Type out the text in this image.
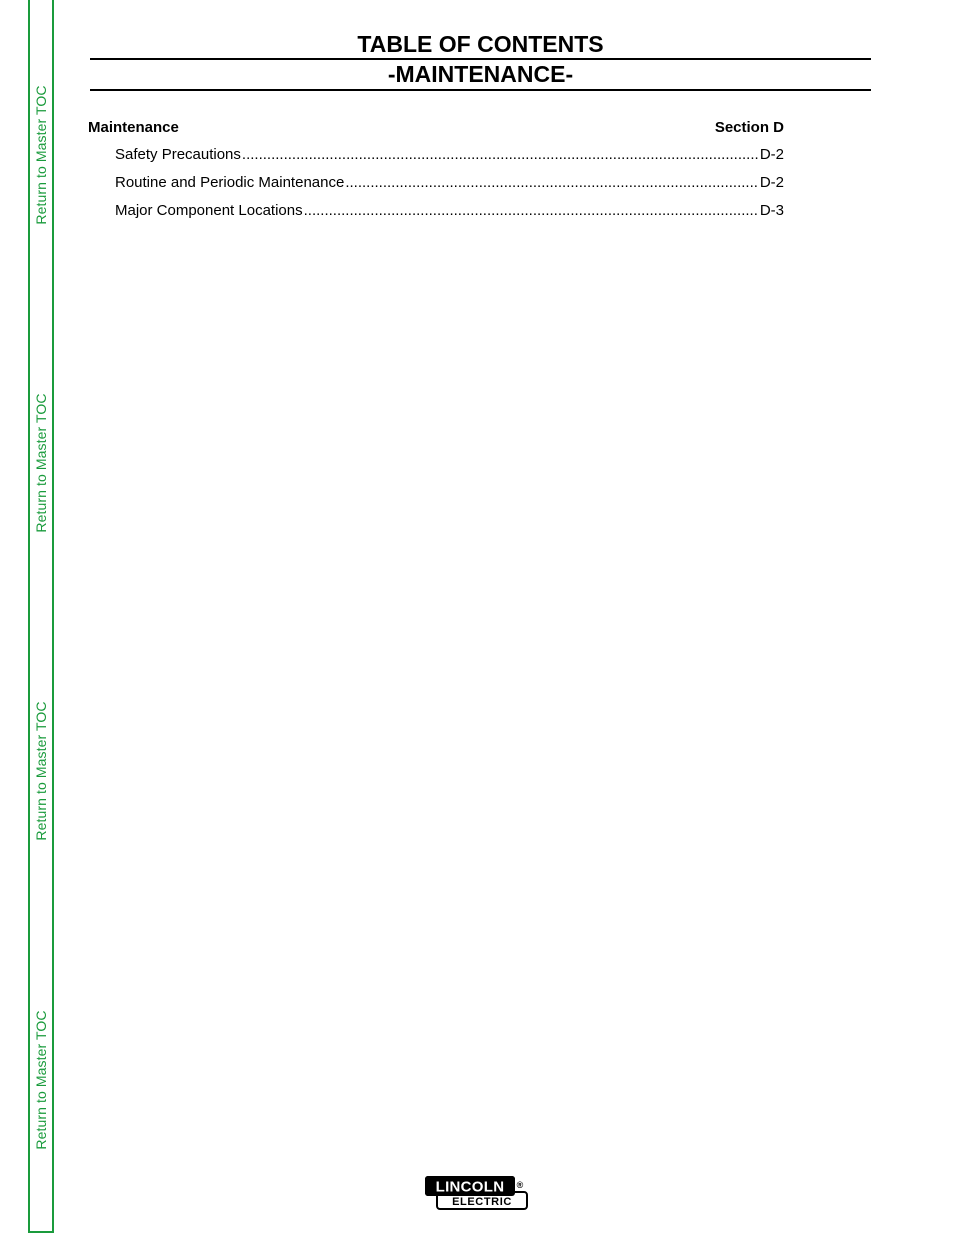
Return to Master TOC
Return to Master TOC
Return to Master TOC
Return to Master TOC
TABLE OF CONTENTS
-MAINTENANCE-
Maintenance	Section D
Safety Precautions .....	D-2
Routine and Periodic Maintenance .....	D-2
Major Component Locations .....	D-3
LINCOLN
ELECTRIC
®
